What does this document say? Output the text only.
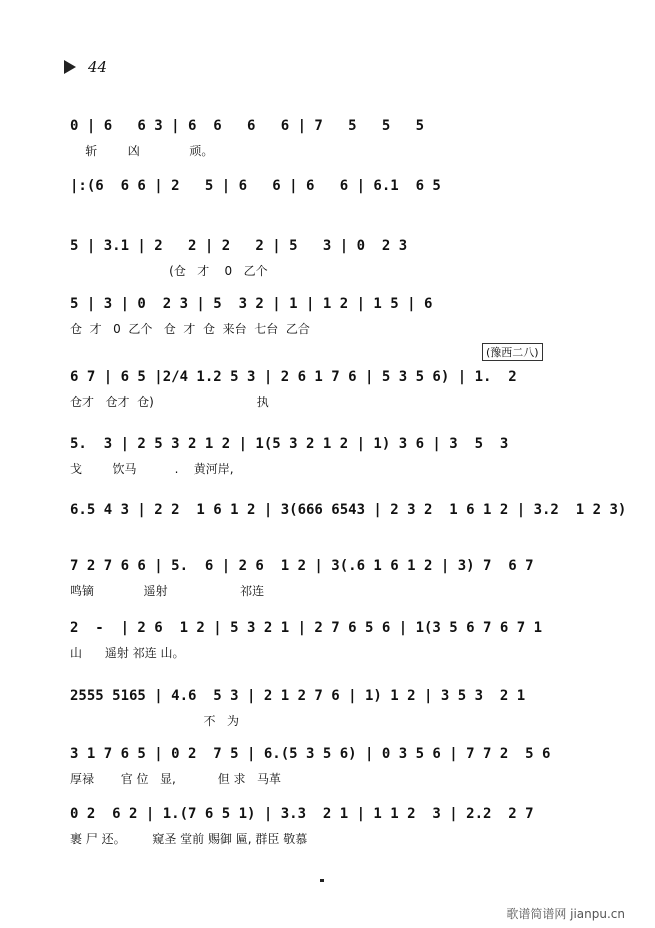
44
0 | 6   6 3 | 6  6   6   6 | 7   5   5   5
斩        凶             顽。
|:(6  6 6 | 2   5 | 6   6 | 6   6 | 6.1  6 5
5 | 3.1 | 2   2 | 2   2 | 5   3 | 0  2 3
(仓   才    0   乙个
5 | 3 | 0  2 3 | 5  3 2 | 1 | 1 2 | 1 5 | 6
仓  才   0  乙个   仓  才  仓  来台  七台  乙合
(豫西二八)
6 7 | 6 5 |2/4 1.2 5 3 | 2 6 1 7 6 | 5 3 5 6) | 1.  2
仓才   仓才  仓)                           执
5.  3 | 2 5 3 2 1 2 | 1(5 3 2 1 2 | 1) 3 6 | 3  5  3
戈        饮马          .    黄河岸,
6.5 4 3 | 2 2  1 6 1 2 | 3(666 6543 | 2 3 2  1 6 1 2 | 3.2  1 2 3)
7 2 7 6 6 | 5.  6 | 2 6  1 2 | 3(.6 1 6 1 2 | 3) 7  6 7
鸣镝             遥射                   祁连
2  -  | 2 6  1 2 | 5 3 2 1 | 2 7 6 5 6 | 1(3 5 6 7 6 7 1
山      遥射 祁连 山。
2555 5165 | 4.6  5 3 | 2 1 2 7 6 | 1) 1 2 | 3 5 3  2 1
不   为
3 1 7 6 5 | 0 2  7 5 | 6.(5 3 5 6) | 0 3 5 6 | 7 7 2  5 6
厚禄       官 位   显,           但 求   马革
0 2  6 2 | 1.(7 6 5 1) | 3.3  2 1 | 1 1 2  3 | 2.2  2 7
裹 尸 还。       窥圣 堂前 赐御 匾, 群臣 敬慕
歌谱简谱网 jianpu.cn
